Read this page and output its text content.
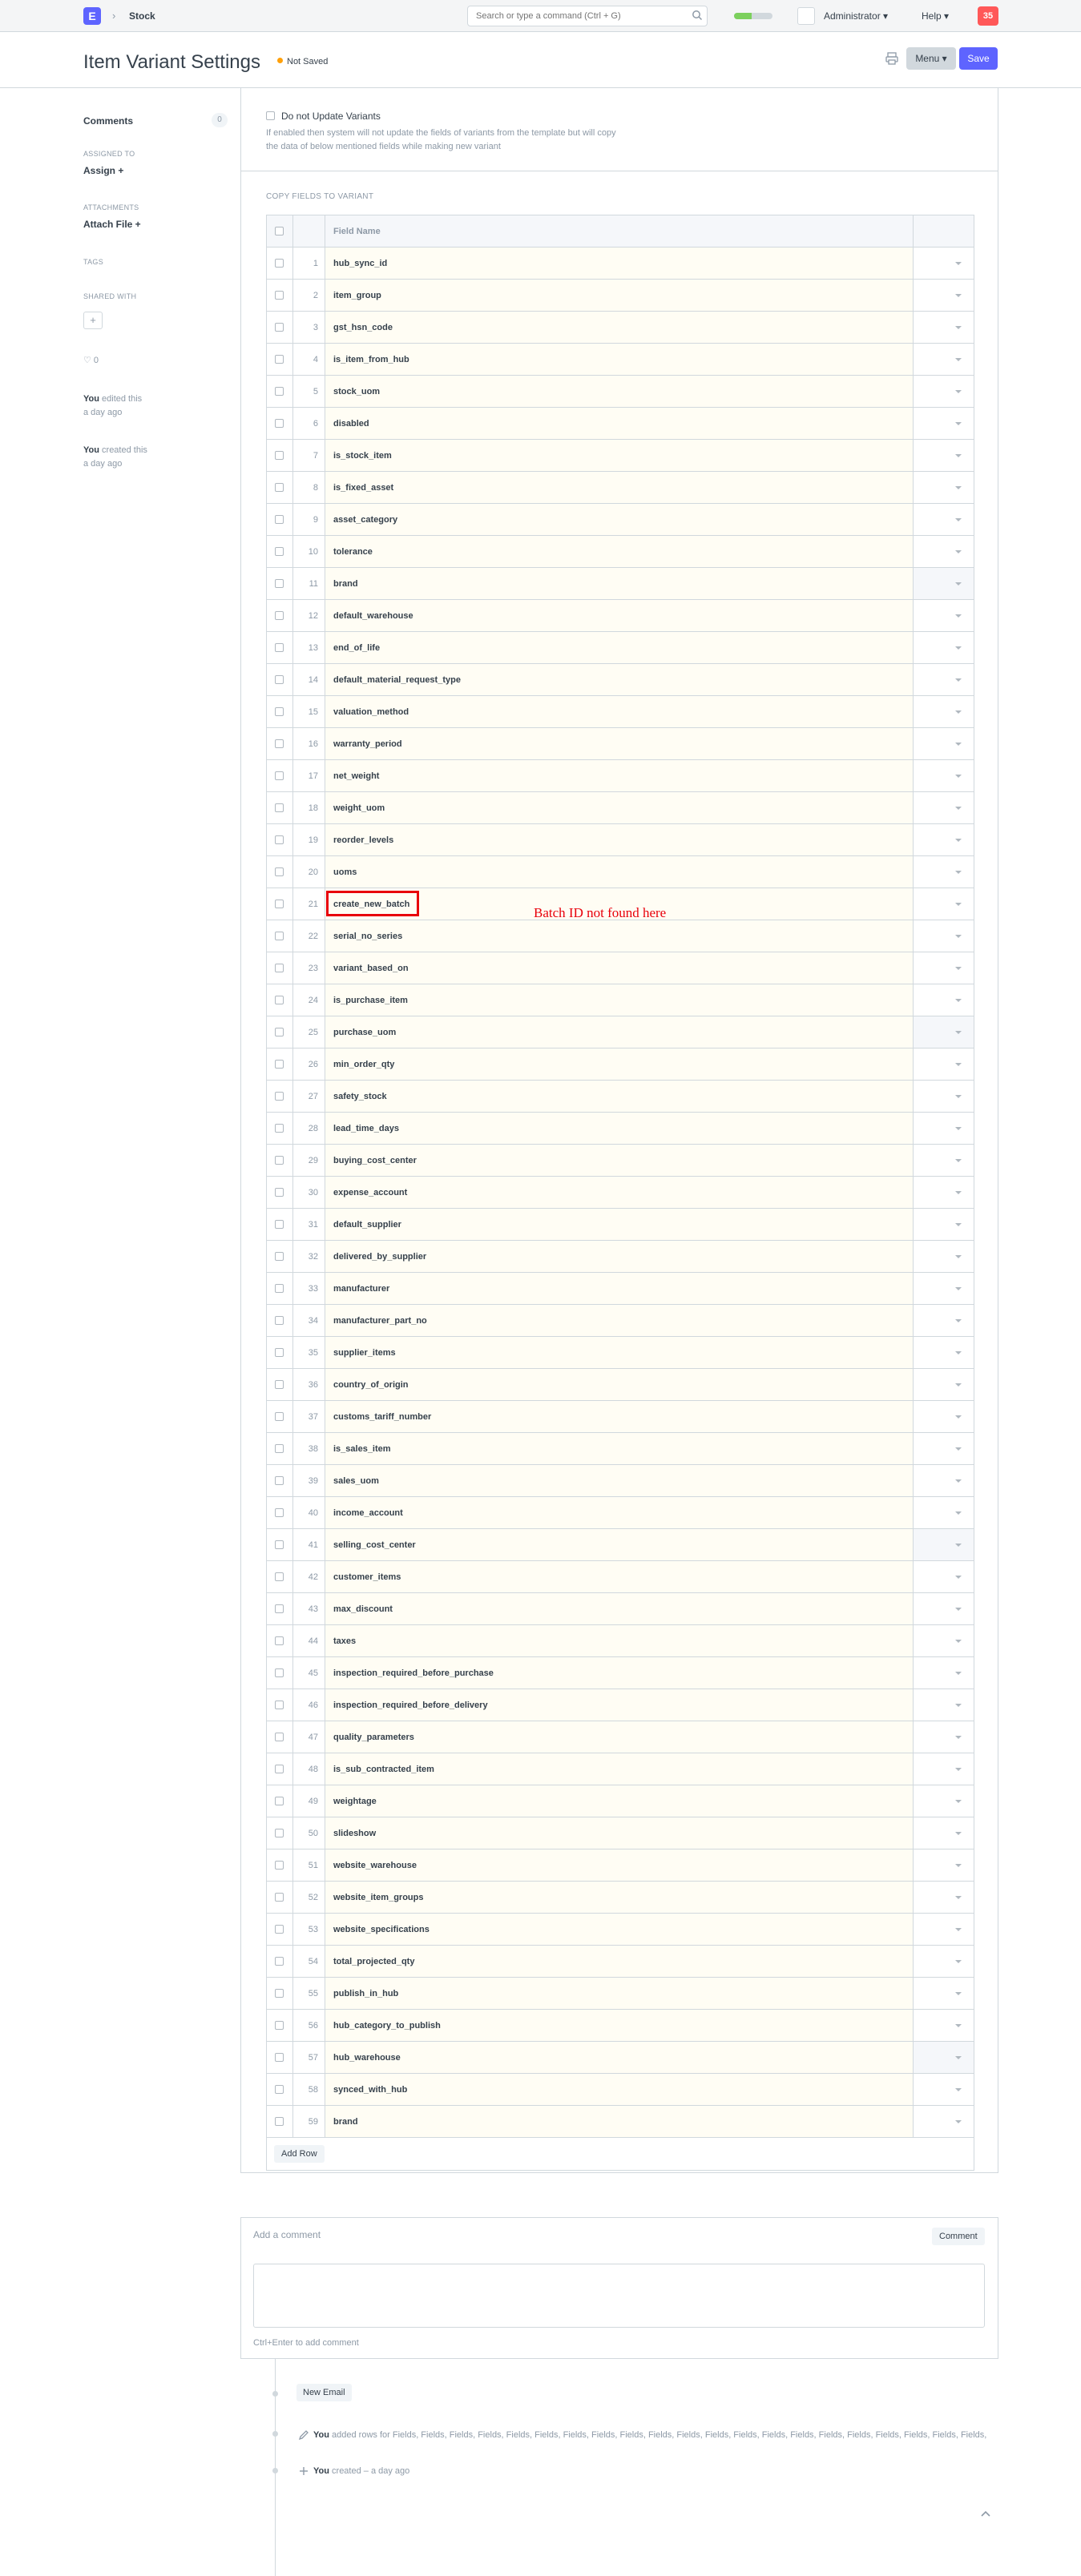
E	› Stock
Search or type a command (Ctrl + G)	Administrator ▾	Help ▾	35
Item Variant Settings	Not Saved	Menu ▾	Save
Comments	0
ASSIGNED TO
Assign +
ATTACHMENTS
Attach File +
TAGS
SHARED WITH
+
♡ 0
You edited this
a day ago
You created this
a day ago
Do not Update Variants
If enabled then system will not update the fields of variants from the template but will copy the data of below mentioned fields while making new variant
COPY FIELDS TO VARIANT
Field Name
1	hub_sync_id
2	item_group
3	gst_hsn_code
4	is_item_from_hub
5	stock_uom
6	disabled
7	is_stock_item
8	is_fixed_asset
9	asset_category
10	tolerance
11	brand
12	default_warehouse
13	end_of_life
14	default_material_request_type
15	valuation_method
16	warranty_period
17	net_weight
18	weight_uom
19	reorder_levels
20	uoms
21	create_new_batch
22	serial_no_series
23	variant_based_on
24	is_purchase_item
25	purchase_uom
26	min_order_qty
27	safety_stock
28	lead_time_days
29	buying_cost_center
30	expense_account
31	default_supplier
32	delivered_by_supplier
33	manufacturer
34	manufacturer_part_no
35	supplier_items
36	country_of_origin
37	customs_tariff_number
38	is_sales_item
39	sales_uom
40	income_account
41	selling_cost_center
42	customer_items
43	max_discount
44	taxes
45	inspection_required_before_purchase
46	inspection_required_before_delivery
47	quality_parameters
48	is_sub_contracted_item
49	weightage
50	slideshow
51	website_warehouse
52	website_item_groups
53	website_specifications
54	total_projected_qty
55	publish_in_hub
56	hub_category_to_publish
57	hub_warehouse
58	synced_with_hub
59	brand
Add Row
Batch ID not found here
Add a comment	Comment
Ctrl+Enter to add comment
New Email
You added rows for Fields, Fields, Fields, Fields, Fields, Fields, Fields, Fields, Fields, Fields, Fields, Fields, Fields, Fields, Fields, Fields, Fields, Fields, Fields, Fields, Fields,
You created – a day ago
